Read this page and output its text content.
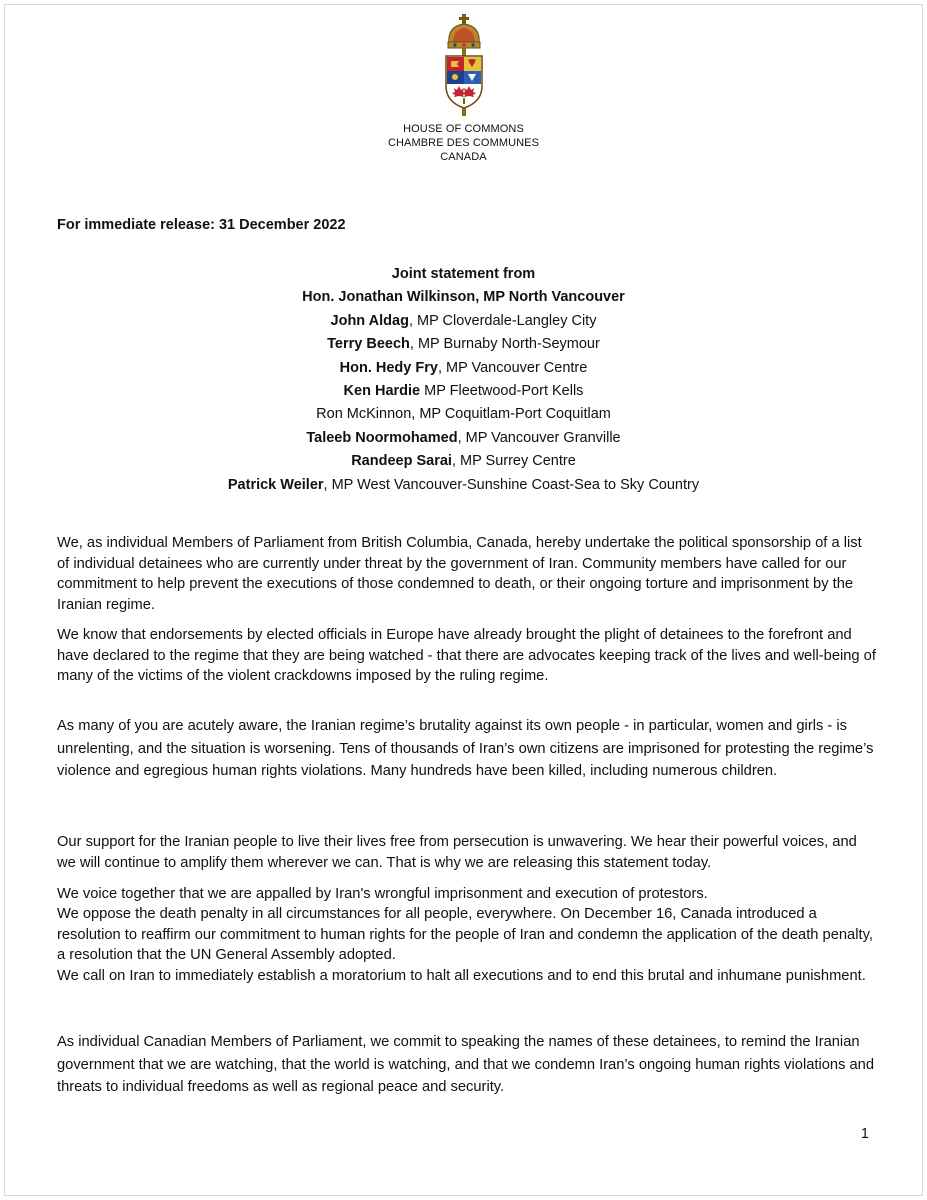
HOUSE OF COMMONS
CHAMBRE DES COMMUNES
CANADA
For immediate release: 31 December 2022
Joint statement from
Hon. Jonathan Wilkinson, MP North Vancouver
John Aldag, MP Cloverdale-Langley City
Terry Beech, MP Burnaby North-Seymour
Hon. Hedy Fry, MP Vancouver Centre
Ken Hardie MP Fleetwood-Port Kells
Ron McKinnon, MP Coquitlam-Port Coquitlam
Taleeb Noormohamed, MP Vancouver Granville
Randeep Sarai, MP Surrey Centre
Patrick Weiler, MP West Vancouver-Sunshine Coast-Sea to Sky Country
We, as individual Members of Parliament from British Columbia, Canada, hereby undertake the political sponsorship of a list of individual detainees who are currently under threat by the government of Iran. Community members have called for our commitment to help prevent the executions of those condemned to death, or their ongoing torture and imprisonment by the Iranian regime.
We know that endorsements by elected officials in Europe have already brought the plight of detainees to the forefront and have declared to the regime that they are being watched - that there are advocates keeping track of the lives and well-being of many of the victims of the violent crackdowns imposed by the ruling regime.
As many of you are acutely aware, the Iranian regime’s brutality against its own people - in particular, women and girls - is unrelenting, and the situation is worsening. Tens of thousands of Iran’s own citizens are imprisoned for protesting the regime’s violence and egregious human rights violations. Many hundreds have been killed, including numerous children.
Our support for the Iranian people to live their lives free from persecution is unwavering. We hear their powerful voices, and we will continue to amplify them wherever we can. That is why we are releasing this statement today.
We voice together that we are appalled by Iran's wrongful imprisonment and execution of protestors.
We oppose the death penalty in all circumstances for all people, everywhere. On December 16, Canada introduced a resolution to reaffirm our commitment to human rights for the people of Iran and condemn the application of the death penalty, a resolution that the UN General Assembly adopted.
We call on Iran to immediately establish a moratorium to halt all executions and to end this brutal and inhumane punishment.
As individual Canadian Members of Parliament, we commit to speaking the names of these detainees, to remind the Iranian government that we are watching, that the world is watching, and that we condemn Iran’s ongoing human rights violations and threats to individual freedoms as well as regional peace and security.
1
